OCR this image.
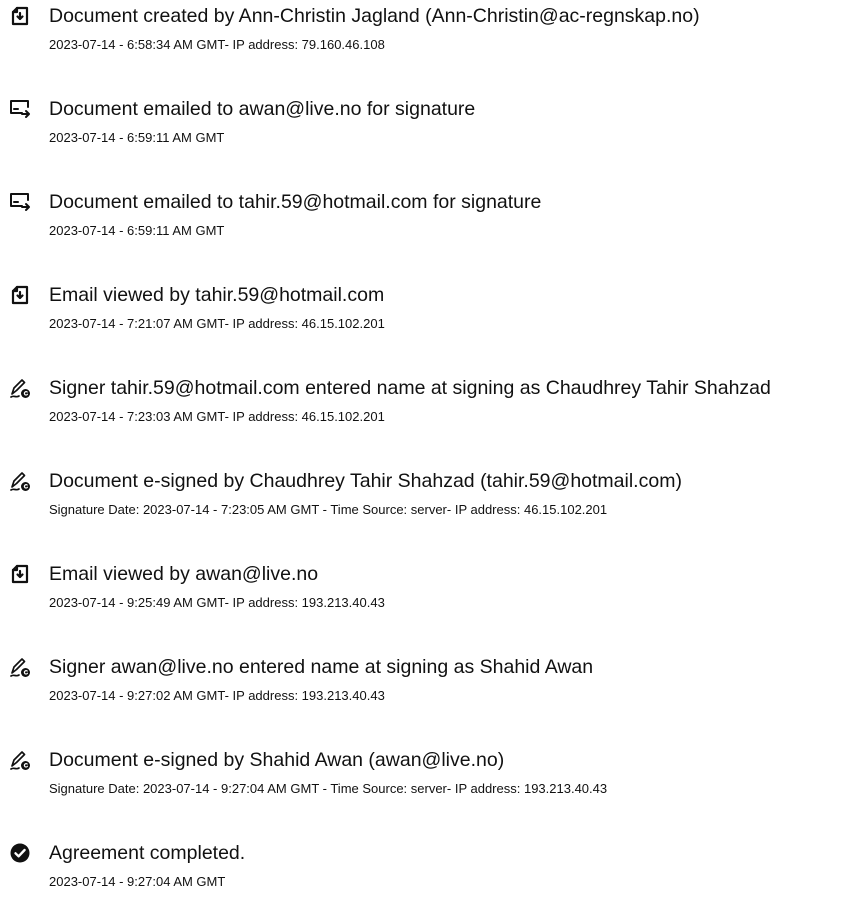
Document created by Ann-Christin Jagland (Ann-Christin@ac-regnskap.no)
2023-07-14 - 6:58:34 AM GMT- IP address: 79.160.46.108
Document emailed to awan@live.no for signature
2023-07-14 - 6:59:11 AM GMT
Document emailed to tahir.59@hotmail.com for signature
2023-07-14 - 6:59:11 AM GMT
Email viewed by tahir.59@hotmail.com
2023-07-14 - 7:21:07 AM GMT- IP address: 46.15.102.201
Signer tahir.59@hotmail.com entered name at signing as Chaudhrey Tahir Shahzad
2023-07-14 - 7:23:03 AM GMT- IP address: 46.15.102.201
Document e-signed by Chaudhrey Tahir Shahzad (tahir.59@hotmail.com)
Signature Date: 2023-07-14 - 7:23:05 AM GMT - Time Source: server- IP address: 46.15.102.201
Email viewed by awan@live.no
2023-07-14 - 9:25:49 AM GMT- IP address: 193.213.40.43
Signer awan@live.no entered name at signing as Shahid Awan
2023-07-14 - 9:27:02 AM GMT- IP address: 193.213.40.43
Document e-signed by Shahid Awan (awan@live.no)
Signature Date: 2023-07-14 - 9:27:04 AM GMT - Time Source: server- IP address: 193.213.40.43
Agreement completed.
2023-07-14 - 9:27:04 AM GMT
